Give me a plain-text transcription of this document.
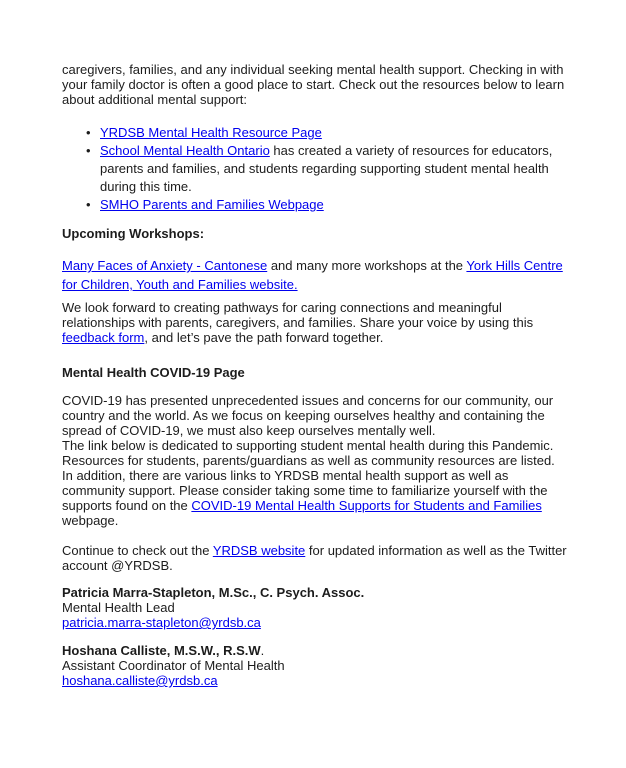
caregivers, families, and any individual seeking mental health support. Checking in with
your family doctor is often a good place to start. Check out the resources below to learn
about additional mental support:
• YRDSB Mental Health Resource Page
• School Mental Health Ontario has created a variety of resources for educators,
parents and families, and students regarding supporting student mental health
during this time.
• SMHO Parents and Families Webpage
Upcoming Workshops:
Many Faces of Anxiety - Cantonese and many more workshops at the York Hills Centre
for Children, Youth and Families website.
We look forward to creating pathways for caring connections and meaningful
relationships with parents, caregivers, and families. Share your voice by using this
feedback form, and let’s pave the path forward together.
Mental Health COVID-19 Page
COVID-19 has presented unprecedented issues and concerns for our community, our
country and the world. As we focus on keeping ourselves healthy and containing the
spread of COVID-19, we must also keep ourselves mentally well.
The link below is dedicated to supporting student mental health during this Pandemic.
Resources for students, parents/guardians as well as community resources are listed.
In addition, there are various links to YRDSB mental health support as well as
community support. Please consider taking some time to familiarize yourself with the
supports found on the COVID-19 Mental Health Supports for Students and Families
webpage.
Continue to check out the YRDSB website for updated information as well as the Twitter
account @YRDSB.
Patricia Marra-Stapleton, M.Sc., C. Psych. Assoc.
Mental Health Lead
patricia.marra-stapleton@yrdsb.ca
Hoshana Calliste, M.S.W., R.S.W.
Assistant Coordinator of Mental Health
hoshana.calliste@yrdsb.ca
